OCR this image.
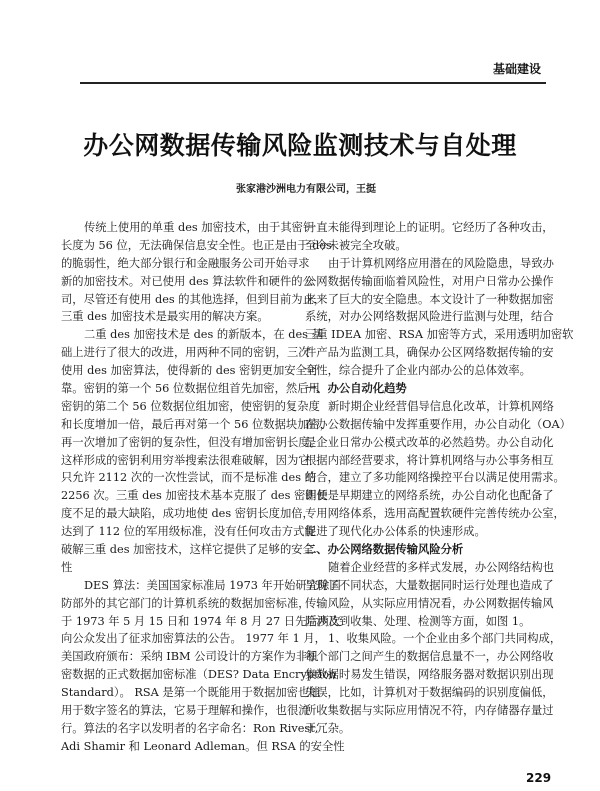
基础建设
办公网数据传输风险监测技术与自处理
张家港沙洲电力有限公司，王挺
传统上使用的单重 des 加密技术，由于其密钥
长度为 56 位，无法确保信息安全性。也正是由于 des
的脆弱性，绝大部分银行和金融服务公司开始寻求
新的加密技术。对已使用 des 算法软件和硬件的公
司，尽管还有使用 des 的其他选择，但到目前为止，
三重 des 加密技术是最实用的解决方案。
二重 des 加密技术是 des 的新版本，在 des 基
础上进行了很大的改进，用两种不同的密钥，三次
使用 des 加密算法，使得新的 des 密钥更加安全可
靠。密钥的第一个 56 位数据位组首先加密，然后用
密钥的第二个 56 位数据位组加密，使密钥的复杂度
和长度增加一倍，最后再对第一个 56 位数据块加密，
再一次增加了密钥的复杂性，但没有增加密钥长度。
这样形成的密钥利用穷举搜索法很难破解，因为它
只允许 2112 次的一次性尝试，而不是标准 des 的
2256 次。三重 des 加密技术基本克服了 des 密钥长
度不足的最大缺陷，成功地使 des 密钥长度加倍，
达到了 112 位的军用级标准，没有任何攻击方式能
破解三重 des 加密技术，这样它提供了足够的安全
性
DES 算法：美国国家标准局 1973 年开始研究除国
防部外的其它部门的计算机系统的数据加密标准，
于 1973 年 5 月 15 日和 1974 年 8 月 27 日先后两次
向公众发出了征求加密算法的公告。 1977 年 1 月，
美国政府颁布：采纳 IBM 公司设计的方案作为非机
密数据的正式数据加密标准（DES? Data Encryption
Standard）。 RSA 是第一个既能用于数据加密也能
用于数字签名的算法，它易于理解和操作，也很流
行。算法的名字以发明者的名字命名：Ron Rivest,
Adi Shamir 和 Leonard Adleman。但 RSA 的安全性
一直未能得到理论上的证明。它经历了各种攻击，
至今未被完全攻破。
由于计算机网络应用潜在的风险隐患，导致办
公网数据传输面临着风险性，对用户日常办公操作
来来了巨大的安全隐患。本文设计了一种数据加密
系统，对办公网络数据风险进行监测与处理，结合
三重 IDEA 加密、RSA 加密等方式，采用透明加密软
件产品为监测工具，确保办公区网络数据传输的安
全性，综合提升了企业内部办公的总体效率。
一、办公自动化趋势
新时期企业经营倡导信息化改革，计算机网络
在办公数据传输中发挥重要作用，办公自动化（OA）
是企业日常办公模式改革的必然趋势。办公自动化
根据内部经营要求，将计算机网络与办公事务相互
结合，建立了多功能网络操控平台以满足使用需求。
即便是早期建立的网络系统，办公自动化也配备了
专用网络体系，选用高配置软硬件完善传统办公室，
促进了现代化办公体系的快速形成。
二、办公网络数据传输风险分析
随着企业经营的多样式发展，办公网络结构也
呈现了不同状态，大量数据同时运行处理也造成了
传输风险，从实际应用情况看，办公网数据传输风
险涉及到收集、处理、检测等方面，如图 1。
1、收集风险。一个企业由多个部门共同构成，
每个部门之间产生的数据信息量不一，办公网络收
集数据时易发生错误，网络服务器对数据识别出现
失误，比如，计算机对于数据编码的识别度偏低，
所收集数据与实际应用情况不符，内存储器存量过
于冗杂。
229
